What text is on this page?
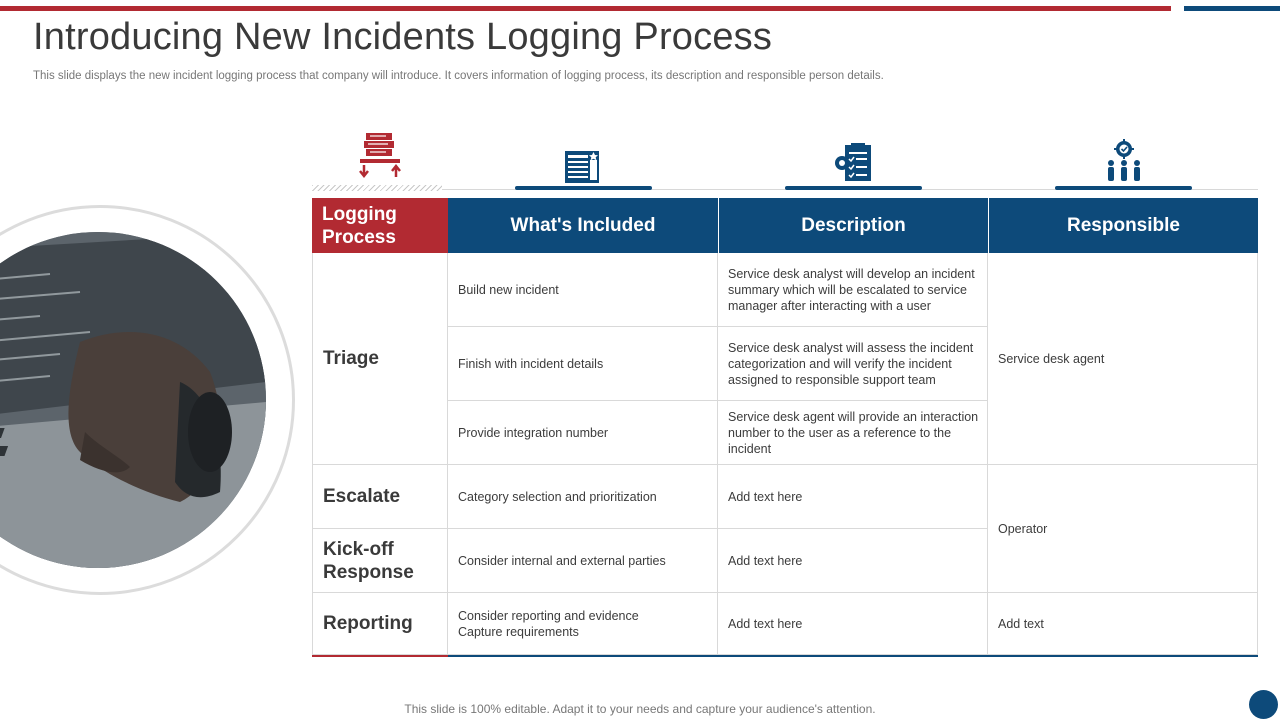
Introducing New Incidents Logging Process

This slide displays the new incident logging process that company will introduce. It covers information of logging process, its description and responsible person details.

Logging Process
What's Included	Description	Responsible
Triage
Escalate
Kick-off Response
Reporting
Build new incident
Finish with incident details
Provide integration number
Category selection and prioritization
Consider internal and external parties
Consider reporting and evidence Capture requirements
Service desk analyst will develop an incident summary which will be escalated to service manager after interacting with a user
Service desk analyst will assess the incident categorization and will verify the incident assigned to responsible support team
Service desk agent will provide an interaction number to the user as a reference to the incident
Add text here
Add text here
Add text here
Service desk agent
Operator
Add text
This slide is 100% editable. Adapt it to your needs and capture your audience's attention.
